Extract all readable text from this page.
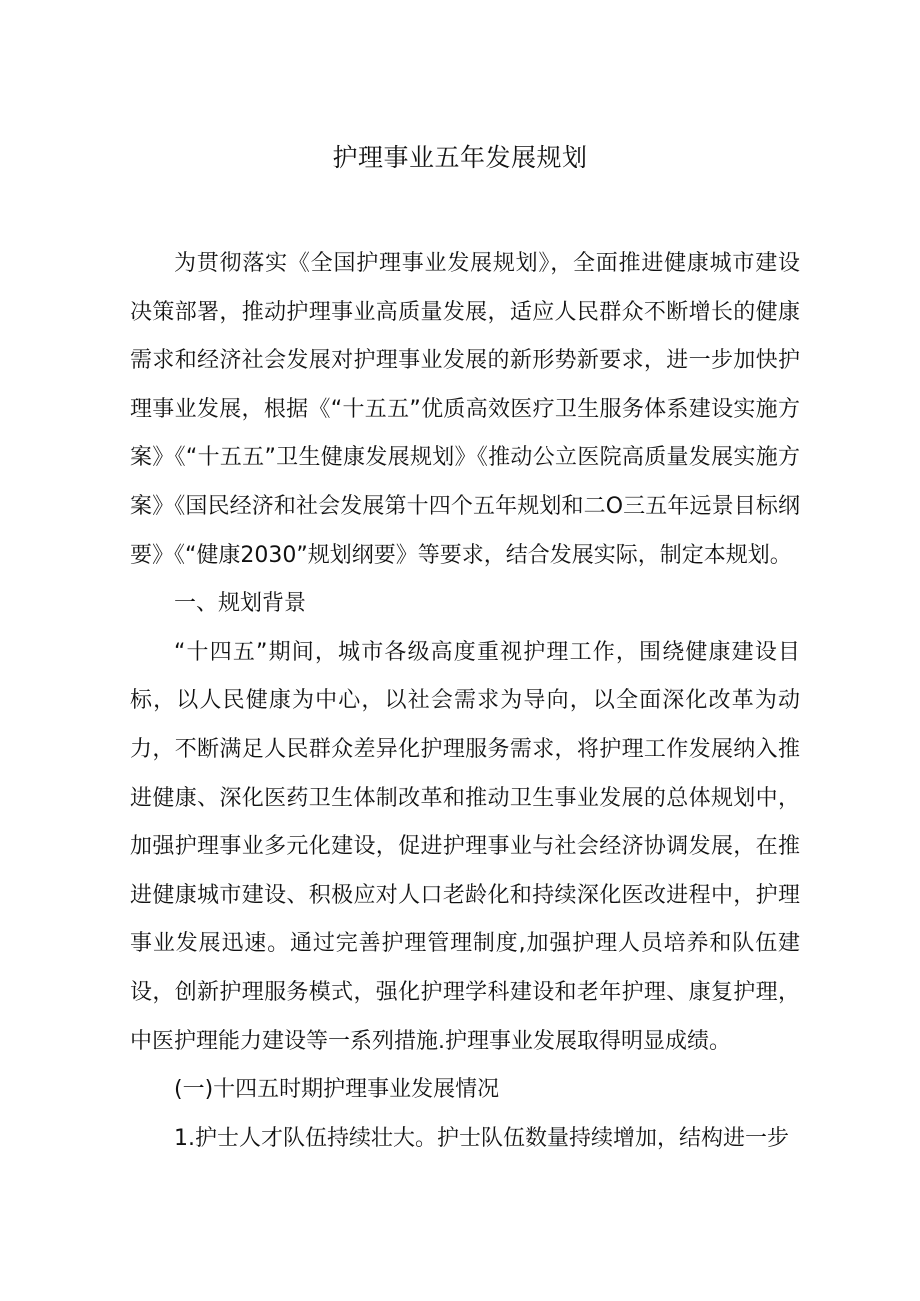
护理事业五年发展规划

为贯彻落实《全国护理事业发展规划》，全面推进健康城市建设决策部署，推动护理事业高质量发展，适应人民群众不断增长的健康需求和经济社会发展对护理事业发展的新形势新要求，进一步加快护理事业发展，根据《“十五五”优质高效医疗卫生服务体系建设实施方案》《“十五五”卫生健康发展规划》《推动公立医院高质量发展实施方案》《国民经济和社会发展第十四个五年规划和二O三五年远景目标纲要》《“健康2030”规划纲要》等要求，结合发展实际，制定本规划。

一、规划背景

“十四五”期间，城市各级高度重视护理工作，围绕健康建设目标，以人民健康为中心，以社会需求为导向，以全面深化改革为动力，不断满足人民群众差异化护理服务需求，将护理工作发展纳入推进健康、深化医药卫生体制改革和推动卫生事业发展的总体规划中，加强护理事业多元化建设，促进护理事业与社会经济协调发展，在推进健康城市建设、积极应对人口老龄化和持续深化医改进程中，护理事业发展迅速。通过完善护理管理制度,加强护理人员培养和队伍建设，创新护理服务模式，强化护理学科建设和老年护理、康复护理，中医护理能力建设等一系列措施.护理事业发展取得明显成绩。

(一)十四五时期护理事业发展情况

1.护士人才队伍持续壮大。护士队伍数量持续增加，结构进一步
